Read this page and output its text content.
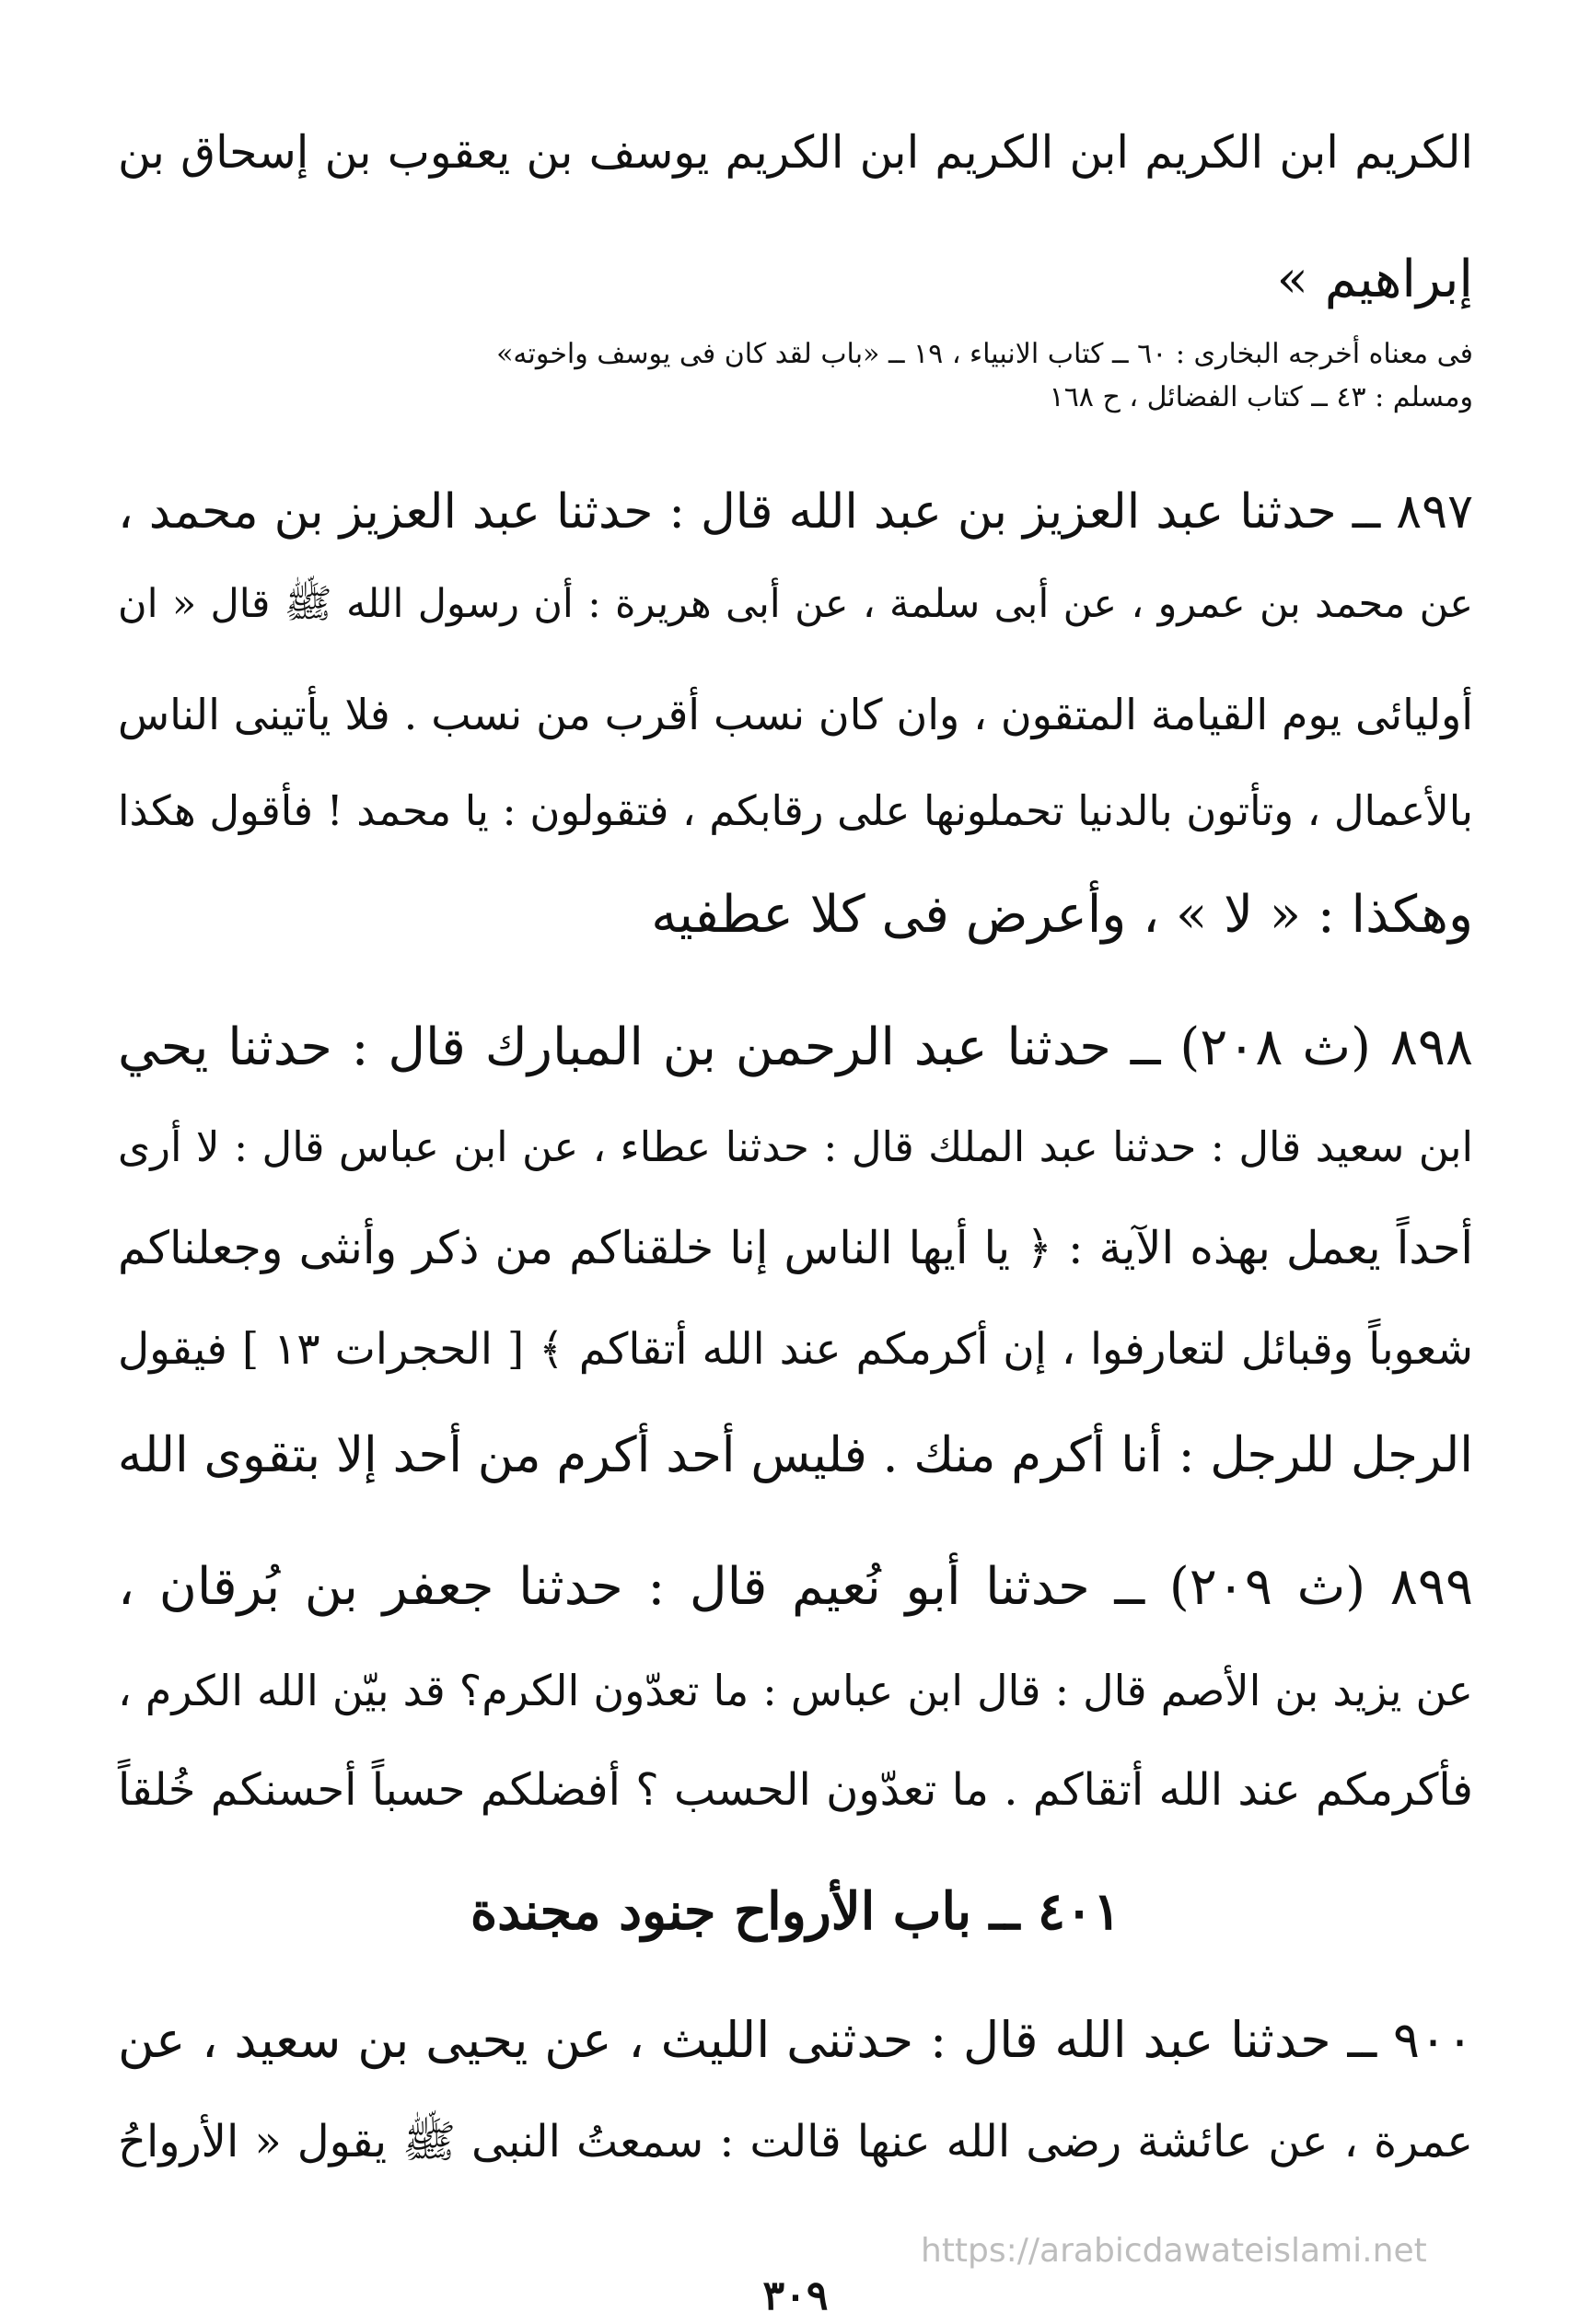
الكريم ابن الكريم ابن الكريم ابن الكريم يوسف بن يعقوب بن إسحاق بن
إبراهيم »
فى معناه أخرجه البخارى : ٦٠ ــ كتاب الانبياء ، ١٩ ــ «باب لقد كان فى يوسف واخوته»
ومسلم : ٤٣ ــ كتاب الفضائل ، ح ١٦٨
٨٩٧ ــ حدثنا عبد العزيز بن عبد الله قال : حدثنا عبد العزيز بن محمد ،
عن محمد بن عمرو ، عن أبى سلمة ، عن أبى هريرة : أن رسول الله ﷺ قال « ان
أوليائى يوم القيامة المتقون ، وان كان نسب أقرب من نسب . فلا يأتينى الناس
بالأعمال ، وتأتون بالدنيا تحملونها على رقابكم ، فتقولون : يا محمد ! فأقول هكذا
وهكذا : « لا » ، وأعرض فى كلا عطفيه
٨٩٨ (ث ٢٠٨) ــ حدثنا عبد الرحمن بن المبارك قال : حدثنا يحي
ابن سعيد قال : حدثنا عبد الملك قال : حدثنا عطاء ، عن ابن عباس قال : لا أرى
أحداً يعمل بهذه الآية : ﴿ يا أيها الناس إنا خلقناكم من ذكر وأنثى وجعلناكم
شعوباً وقبائل لتعارفوا ، إن أكرمكم عند الله أتقاكم ﴾ [ الحجرات ١٣ ] فيقول
الرجل للرجل : أنا أكرم منك . فليس أحد أكرم من أحد إلا بتقوى الله
٨٩٩ (ث ٢٠٩) ــ حدثنا أبو نُعيم قال : حدثنا جعفر بن بُرقان ،
عن يزيد بن الأصم قال : قال ابن عباس : ما تعدّون الكرم؟ قد بيّن الله الكرم ،
فأكرمكم عند الله أتقاكم . ما تعدّون الحسب ؟ أفضلكم حسباً أحسنكم خُلقاً
٤٠١ ــ باب الأرواح جنود مجندة
٩٠٠ ــ حدثنا عبد الله قال : حدثنى الليث ، عن يحيى بن سعيد ، عن
عمرة ، عن عائشة رضى الله عنها قالت : سمعتُ النبى ﷺ يقول « الأرواحُ
https://arabicdawateislami.net
٣٠٩
